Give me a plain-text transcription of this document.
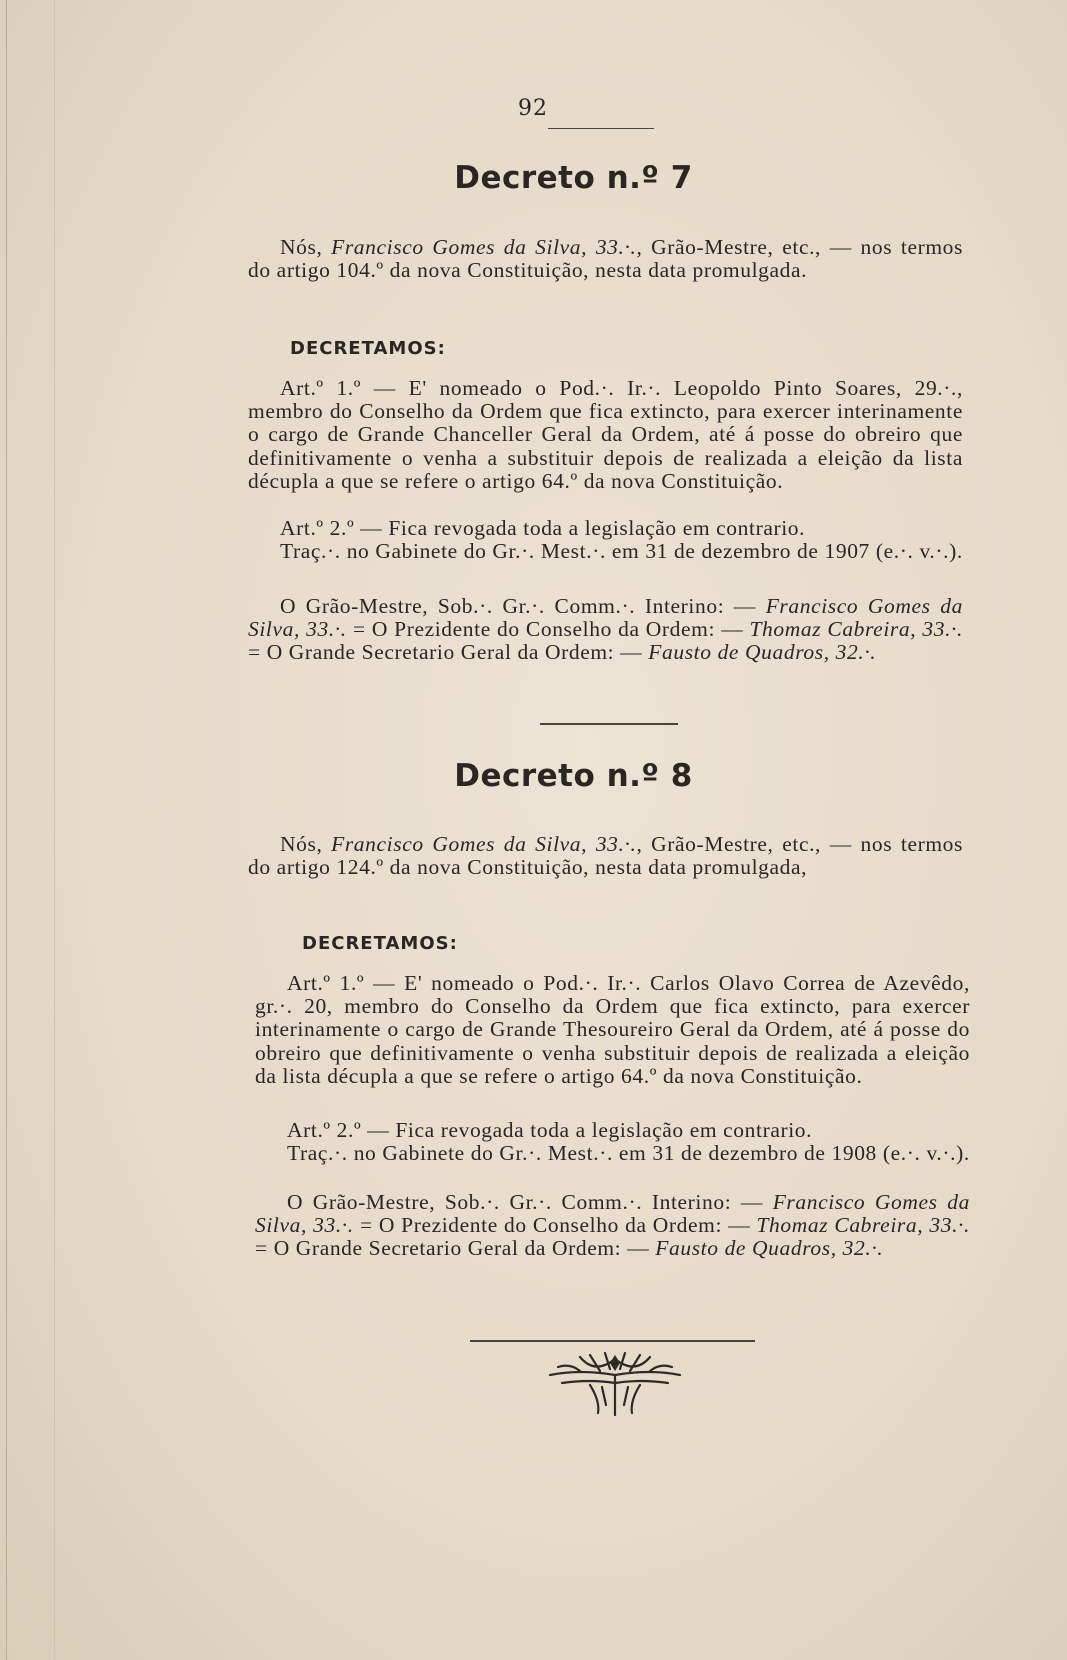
92
Decreto n.º 7

Nós, Francisco Gomes da Silva, 33.·., Grão-Mestre, etc., — nos termos do artigo 104.º da nova Constituição, nesta data promulgada.

DECRETAMOS:

Art.º 1.º — E' nomeado o Pod.·. Ir.·. Leopoldo Pinto Soares, 29.·., membro do Conselho da Ordem que fica extincto, para exercer interinamente o cargo de Grande Chanceller Geral da Ordem, até á posse do obreiro que definitivamente o venha a substituir depois de realizada a eleição da lista décupla a que se refere o artigo 64.º da nova Constituição.

Art.º 2.º — Fica revogada toda a legislação em contrario.

Traç.·. no Gabinete do Gr.·. Mest.·. em 31 de dezembro de 1907 (e.·. v.·.).

O Grão-Mestre, Sob.·. Gr.·. Comm.·. Interino: — Francisco Gomes da Silva, 33.·. = O Prezidente do Conselho da Ordem: — Thomaz Cabreira, 33.·. = O Grande Secretario Geral da Ordem: — Fausto de Quadros, 32.·.

Decreto n.º 8

Nós, Francisco Gomes da Silva, 33.·., Grão-Mestre, etc., — nos termos do artigo 124.º da nova Constituição, nesta data promulgada,

DECRETAMOS:

Art.º 1.º — E' nomeado o Pod.·. Ir.·. Carlos Olavo Correa de Azevêdo, gr.·. 20, membro do Conselho da Ordem que fica extincto, para exercer interinamente o cargo de Grande Thesoureiro Geral da Ordem, até á posse do obreiro que definitivamente o venha substituir depois de realizada a eleição da lista décupla a que se refere o artigo 64.º da nova Constituição.

Art.º 2.º — Fica revogada toda a legislação em contrario.

Traç.·. no Gabinete do Gr.·. Mest.·. em 31 de dezembro de 1908 (e.·. v.·.).

O Grão-Mestre, Sob.·. Gr.·. Comm.·. Interino: — Francisco Gomes da Silva, 33.·. = O Prezidente do Conselho da Ordem: — Thomaz Cabreira, 33.·. = O Grande Secretario Geral da Ordem: — Fausto de Quadros, 32.·.
